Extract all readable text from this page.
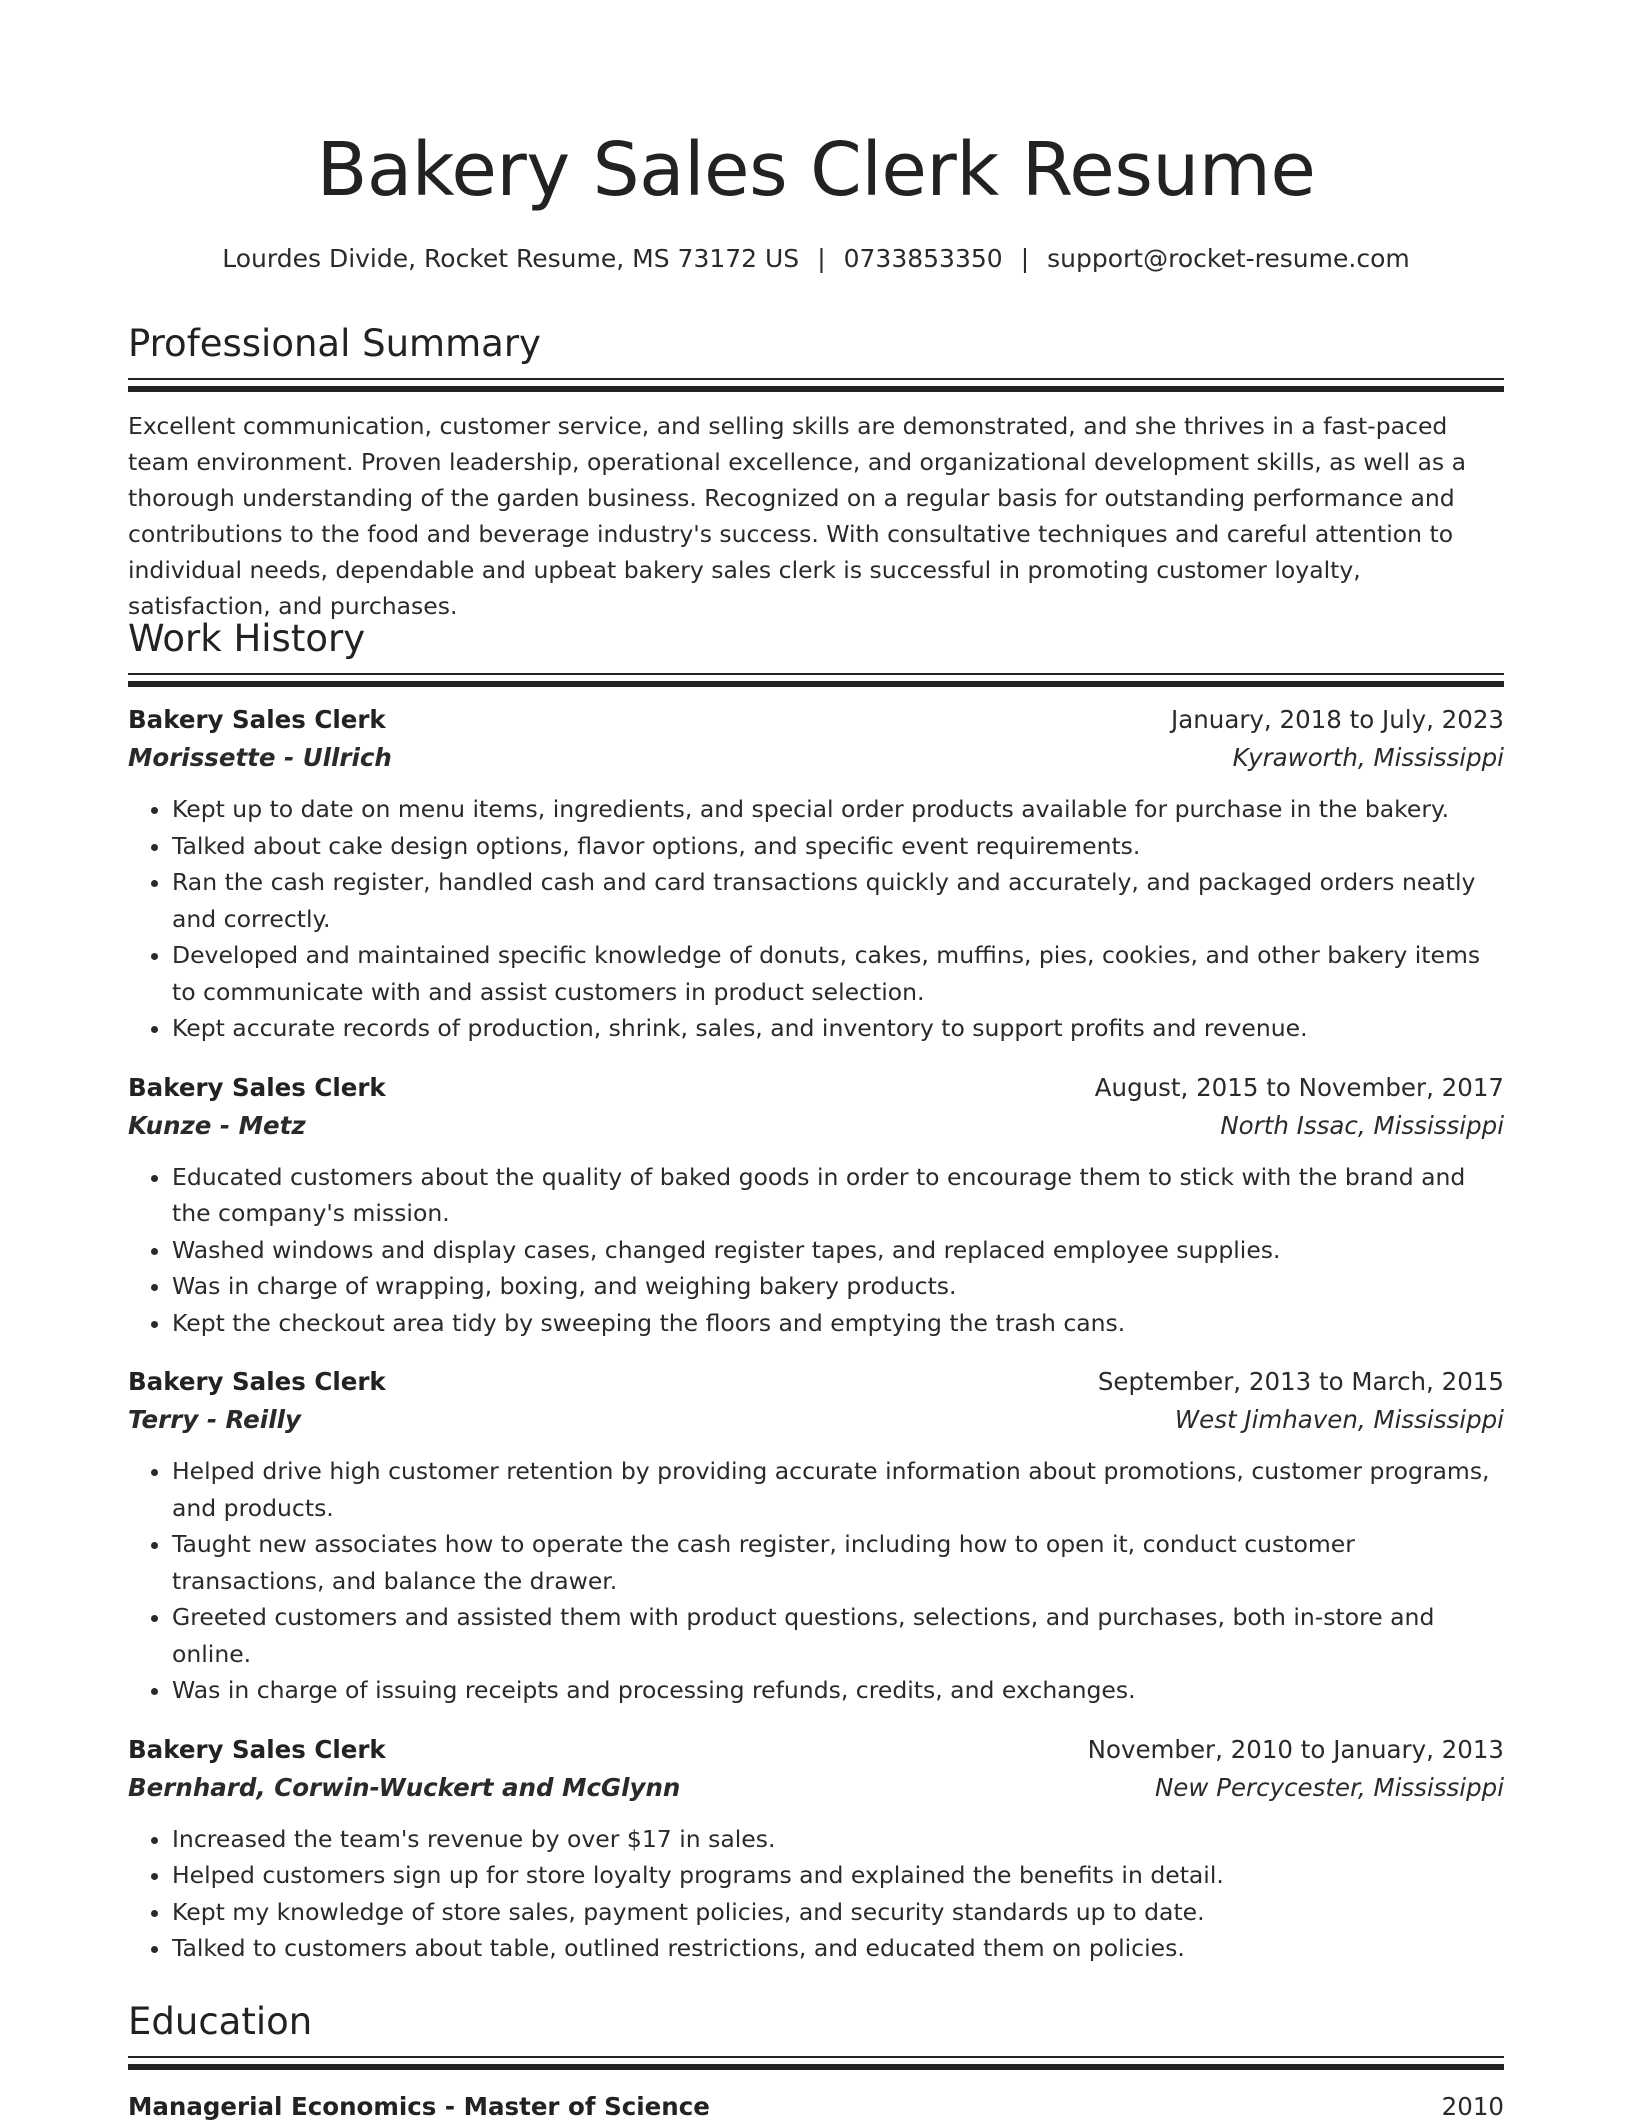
Bakery Sales Clerk Resume
Lourdes Divide, Rocket Resume, MS 73172 US | 0733853350 | support@rocket-resume.com
Professional Summary

Excellent communication, customer service, and selling skills are demonstrated, and she thrives in a fast-paced team environment. Proven leadership, operational excellence, and organizational development skills, as well as a thorough understanding of the garden business. Recognized on a regular basis for outstanding performance and contributions to the food and beverage industry's success. With consultative techniques and careful attention to individual needs, dependable and upbeat bakery sales clerk is successful in promoting customer loyalty, satisfaction, and purchases.

Work History
Bakery Sales Clerk	January, 2018 to July, 2023
Morissette - Ullrich	Kyraworth, Mississippi
• Kept up to date on menu items, ingredients, and special order products available for purchase in the bakery.
• Talked about cake design options, flavor options, and specific event requirements.
• Ran the cash register, handled cash and card transactions quickly and accurately, and packaged orders neatly and correctly.
• Developed and maintained specific knowledge of donuts, cakes, muffins, pies, cookies, and other bakery items to communicate with and assist customers in product selection.
• Kept accurate records of production, shrink, sales, and inventory to support profits and revenue.
Bakery Sales Clerk	August, 2015 to November, 2017
Kunze - Metz	North Issac, Mississippi
• Educated customers about the quality of baked goods in order to encourage them to stick with the brand and the company's mission.
• Washed windows and display cases, changed register tapes, and replaced employee supplies.
• Was in charge of wrapping, boxing, and weighing bakery products.
• Kept the checkout area tidy by sweeping the floors and emptying the trash cans.
Bakery Sales Clerk	September, 2013 to March, 2015
Terry - Reilly	West Jimhaven, Mississippi
• Helped drive high customer retention by providing accurate information about promotions, customer programs, and products.
• Taught new associates how to operate the cash register, including how to open it, conduct customer transactions, and balance the drawer.
• Greeted customers and assisted them with product questions, selections, and purchases, both in-store and online.
• Was in charge of issuing receipts and processing refunds, credits, and exchanges.
Bakery Sales Clerk	November, 2010 to January, 2013
Bernhard, Corwin-Wuckert and McGlynn	New Percycester, Mississippi
• Increased the team's revenue by over $17 in sales.
• Helped customers sign up for store loyalty programs and explained the benefits in detail.
• Kept my knowledge of store sales, payment policies, and security standards up to date.
• Talked to customers about table, outlined restrictions, and educated them on policies.
Education
Managerial Economics - Master of Science	2010
